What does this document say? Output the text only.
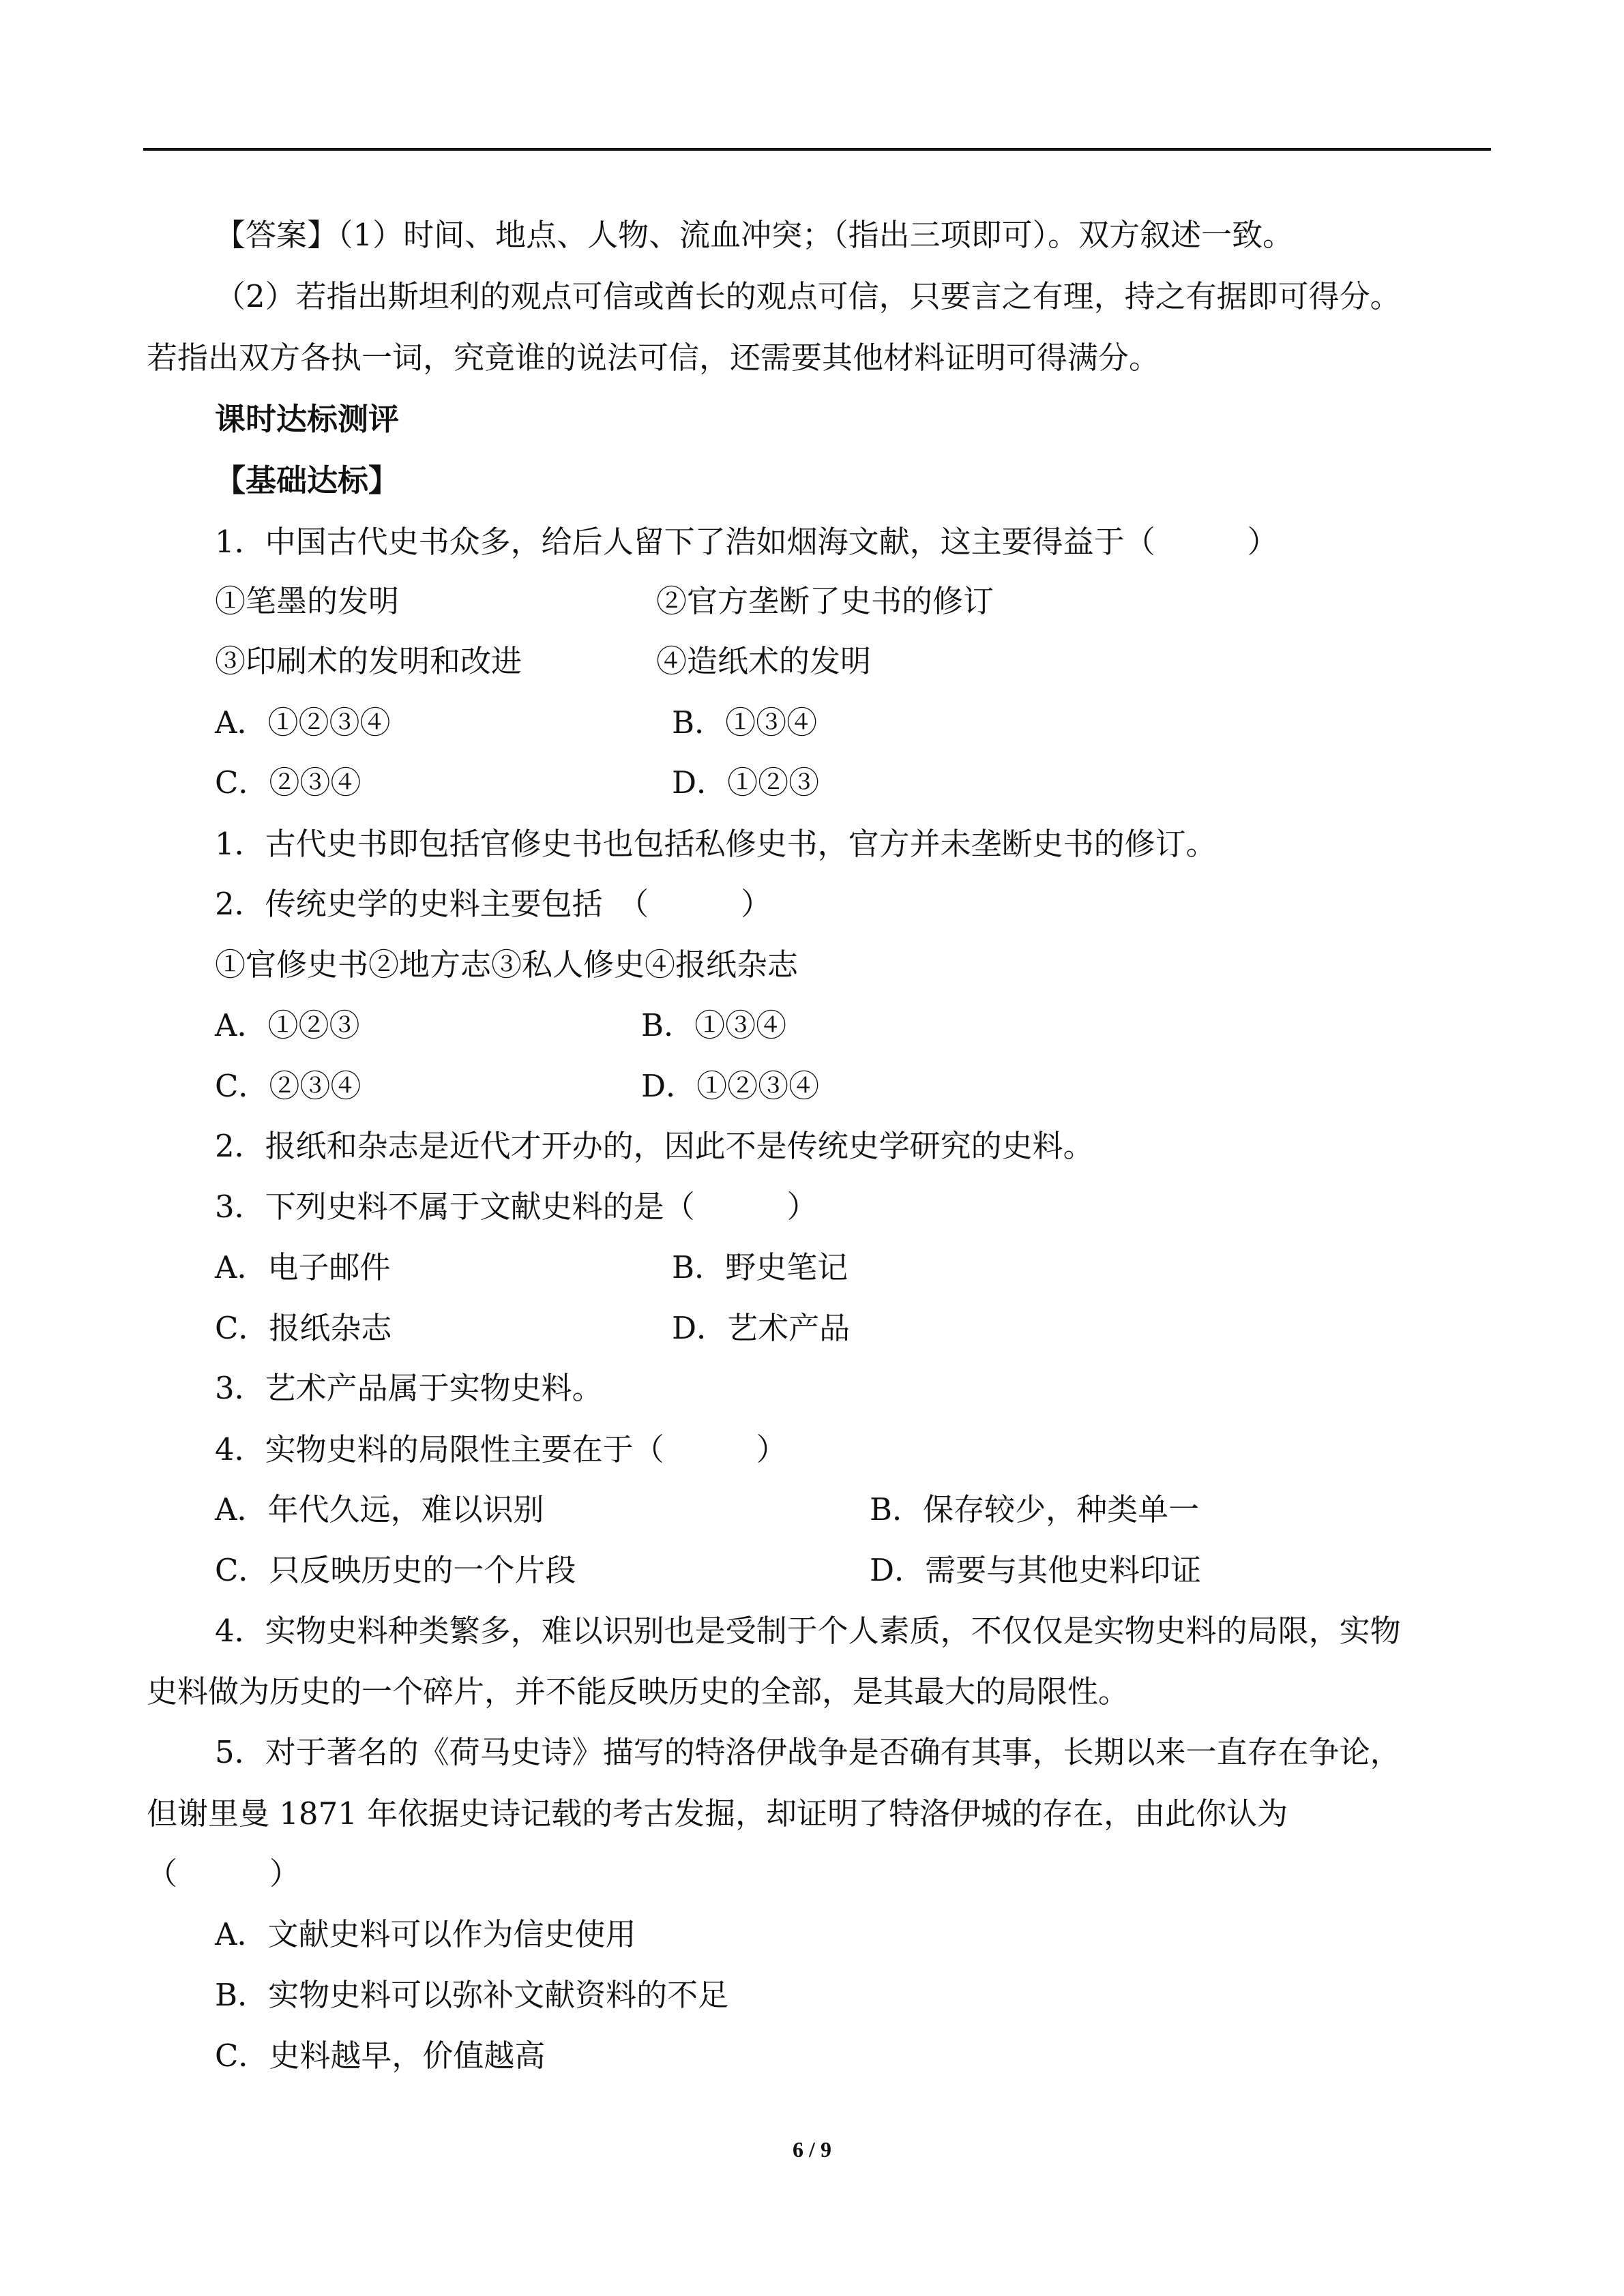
【答案】（1）时间、地点、人物、流血冲突；（指出三项即可）。双方叙述一致。
（2）若指出斯坦利的观点可信或酋长的观点可信，只要言之有理，持之有据即可得分。
若指出双方各执一词，究竟谁的说法可信，还需要其他材料证明可得满分。
课时达标测评
【基础达标】
1．中国古代史书众多，给后人留下了浩如烟海文献，这主要得益于（　　　）
①笔墨的发明	②官方垄断了史书的修订
③印刷术的发明和改进	④造纸术的发明
A．①②③④	B．①③④
C．②③④	D．①②③
1．古代史书即包括官修史书也包括私修史书，官方并未垄断史书的修订。
2．传统史学的史料主要包括　（　　　）
①官修史书②地方志③私人修史④报纸杂志
A．①②③	B．①③④
C．②③④	D．①②③④
2．报纸和杂志是近代才开办的，因此不是传统史学研究的史料。
3．下列史料不属于文献史料的是（　　　）
A．电子邮件	B．野史笔记
C．报纸杂志	D．艺术产品
3．艺术产品属于实物史料。
4．实物史料的局限性主要在于（　　　）
A．年代久远，难以识别	B．保存较少，种类单一
C．只反映历史的一个片段	D．需要与其他史料印证
4．实物史料种类繁多，难以识别也是受制于个人素质，不仅仅是实物史料的局限，实物
史料做为历史的一个碎片，并不能反映历史的全部，是其最大的局限性。
5．对于著名的《荷马史诗》描写的特洛伊战争是否确有其事，长期以来一直存在争论，
但谢里曼 1871 年依据史诗记载的考古发掘，却证明了特洛伊城的存在，由此你认为
（　　　）
A．文献史料可以作为信史使用
B．实物史料可以弥补文献资料的不足
C．史料越早，价值越高
6 / 9
